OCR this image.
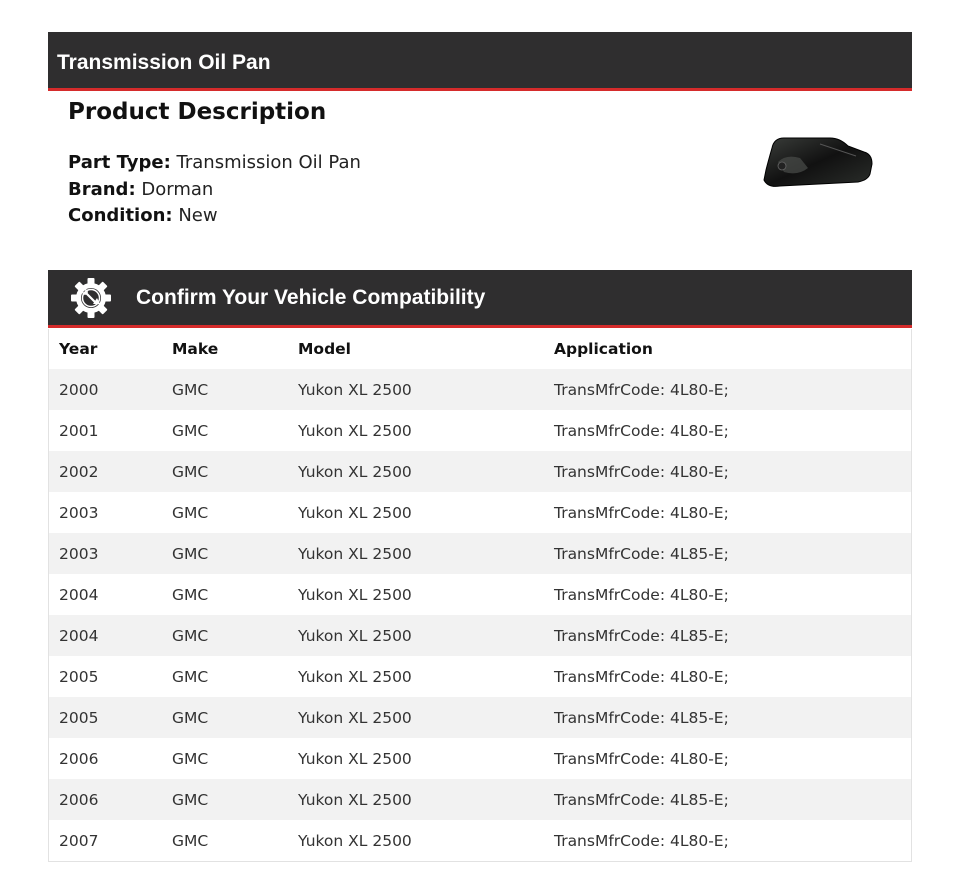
Transmission Oil Pan
Product Description
Part Type: Transmission Oil Pan
Brand: Dorman
Condition: New
Confirm Your Vehicle Compatibility
Year	Make	Model	Application
2000	GMC	Yukon XL 2500	TransMfrCode: 4L80-E;
2001	GMC	Yukon XL 2500	TransMfrCode: 4L80-E;
2002	GMC	Yukon XL 2500	TransMfrCode: 4L80-E;
2003	GMC	Yukon XL 2500	TransMfrCode: 4L80-E;
2003	GMC	Yukon XL 2500	TransMfrCode: 4L85-E;
2004	GMC	Yukon XL 2500	TransMfrCode: 4L80-E;
2004	GMC	Yukon XL 2500	TransMfrCode: 4L85-E;
2005	GMC	Yukon XL 2500	TransMfrCode: 4L80-E;
2005	GMC	Yukon XL 2500	TransMfrCode: 4L85-E;
2006	GMC	Yukon XL 2500	TransMfrCode: 4L80-E;
2006	GMC	Yukon XL 2500	TransMfrCode: 4L85-E;
2007	GMC	Yukon XL 2500	TransMfrCode: 4L80-E;
